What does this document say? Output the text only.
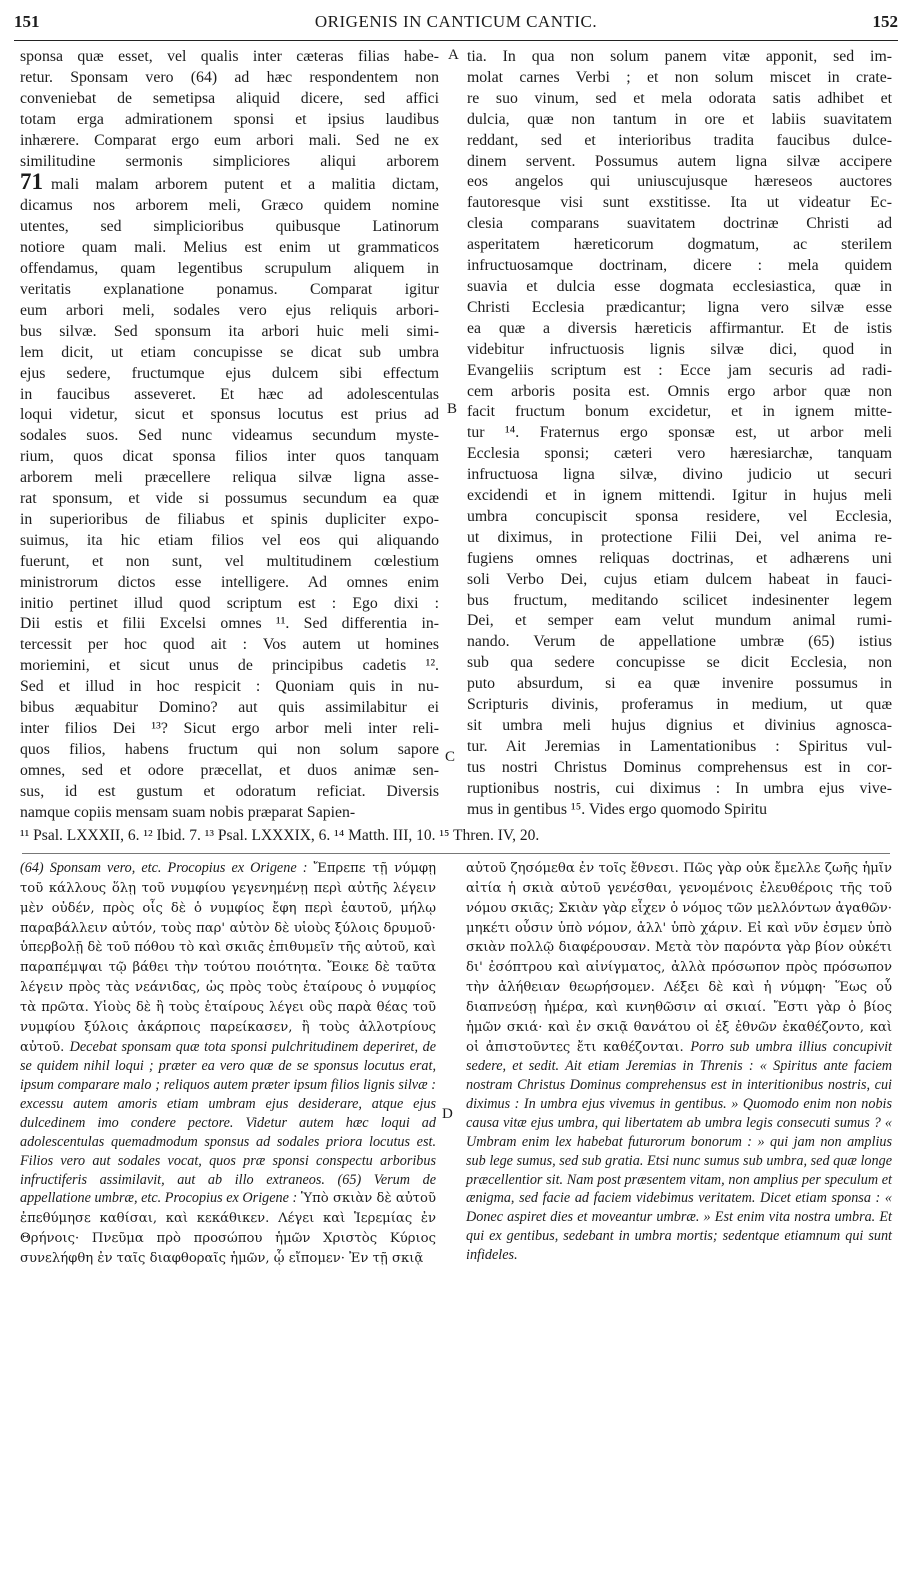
151	ORIGENIS IN CANTICUM CANTIC.	152
sponsa quæ esset, vel qualis inter cæteras filias habe-
retur. Sponsam vero (64) ad hæc respondentem non
conveniebat de semetipsa aliquid dicere, sed affici
totam erga admirationem sponsi et ipsius laudibus
inhærere. Comparat ergo eum arbori mali. Sed ne ex
similitudine sermonis simpliciores aliqui arborem
71 mali malam arborem putent et a malitia dictam,
dicamus nos arborem meli, Græco quidem nomine
utentes, sed simplicioribus quibusque Latinorum
notiore quam mali. Melius est enim ut grammaticos
offendamus, quam legentibus scrupulum aliquem in
veritatis explanatione ponamus. Comparat igitur
eum arbori meli, sodales vero ejus reliquis arbori-
bus silvæ. Sed sponsum ita arbori huic meli simi-
lem dicit, ut etiam concupisse se dicat sub umbra
ejus sedere, fructumque ejus dulcem sibi effectum
in faucibus asseveret. Et hæc ad adolescentulas
loqui videtur, sicut et sponsus locutus est prius ad
sodales suos. Sed nunc videamus secundum myste-
rium, quos dicat sponsa filios inter quos tanquam
arborem meli præcellere reliqua silvæ ligna asse-
rat sponsum, et vide si possumus secundum ea quæ
in superioribus de filiabus et spinis dupliciter expo-
suimus, ita hic etiam filios vel eos qui aliquando
fuerunt, et non sunt, vel multitudinem cœlestium
ministrorum dictos esse intelligere. Ad omnes enim
initio pertinet illud quod scriptum est : Ego dixi :
Dii estis et filii Excelsi omnes ¹¹. Sed differentia in-
tercessit per hoc quod ait : Vos autem ut homines
moriemini, et sicut unus de principibus cadetis ¹².
Sed et illud in hoc respicit : Quoniam quis in nu-
bibus æquabitur Domino? aut quis assimilabitur ei
inter filios Dei ¹³? Sicut ergo arbor meli inter reli-
quos filios, habens fructum qui non solum sapore
omnes, sed et odore præcellat, et duos animæ sen-
sus, id est gustum et odoratum reficiat. Diversis
namque copiis mensam suam nobis præparat Sapien-
tia. In qua non solum panem vitæ apponit, sed im-
molat carnes Verbi ; et non solum miscet in crate-
re suo vinum, sed et mela odorata satis adhibet et
dulcia, quæ non tantum in ore et labiis suavitatem
reddant, sed et interioribus tradita faucibus dulce-
dinem servent. Possumus autem ligna silvæ accipere
eos angelos qui uniuscujusque hæreseos auctores
fautoresque visi sunt exstitisse. Ita ut videatur Ec-
clesia comparans suavitatem doctrinæ Christi ad
asperitatem hæreticorum dogmatum, ac sterilem
infructuosamque doctrinam, dicere : mela quidem
suavia et dulcia esse dogmata ecclesiastica, quæ in
Christi Ecclesia prædicantur; ligna vero silvæ esse
ea quæ a diversis hæreticis affirmantur. Et de istis
videbitur infructuosis lignis silvæ dici, quod in
Evangeliis scriptum est : Ecce jam securis ad radi-
cem arboris posita est. Omnis ergo arbor quæ non
facit fructum bonum excidetur, et in ignem mitte-
tur ¹⁴. Fraternus ergo sponsæ est, ut arbor meli
Ecclesia sponsi; cæteri vero hæresiarchæ, tanquam
infructuosa ligna silvæ, divino judicio ut securi
excidendi et in ignem mittendi. Igitur in hujus meli
umbra concupiscit sponsa residere, vel Ecclesia,
ut diximus, in protectione Filii Dei, vel anima re-
fugiens omnes reliquas doctrinas, et adhærens uni
soli Verbo Dei, cujus etiam dulcem habeat in fauci-
bus fructum, meditando scilicet indesinenter legem
Dei, et semper eam velut mundum animal rumi-
nando. Verum de appellatione umbræ (65) istius
sub qua sedere concupisse se dicit Ecclesia, non
puto absurdum, si ea quæ invenire possumus in
Scripturis divinis, proferamus in medium, ut quæ
sit umbra meli hujus dignius et divinius agnosca-
tur. Ait Jeremias in Lamentationibus : Spiritus vul-
tus nostri Christus Dominus comprehensus est in cor-
ruptionibus nostris, cui diximus : In umbra ejus vive-
mus in gentibus ¹⁵. Vides ergo quomodo Spiritu
A
B
C
D
¹¹ Psal. LXXXII, 6. ¹² Ibid. 7. ¹³ Psal. LXXXIX, 6. ¹⁴ Matth. III, 10. ¹⁵ Thren. IV, 20.
(64) Sponsam vero, etc. Procopius ex Origene : Ἔπρεπε τῇ νύμφῃ τοῦ κάλλους ὅλῃ τοῦ νυμφίου γεγενημένῃ περὶ αὐτῆς λέγειν μὲν οὐδέν, πρὸς οἷς δὲ ὁ νυμφίος ἔφη περὶ ἑαυτοῦ, μήλῳ παραβάλλειν αὐτόν, τοὺς παρ' αὐτὸν δὲ υἱοὺς ξύλοις δρυμοῦ· ὑπερβολῇ δὲ τοῦ πόθου τὸ καὶ σκιᾶς ἐπιθυμεῖν τῆς αὐτοῦ, καὶ παραπέμψαι τῷ βάθει τὴν τούτου ποιότητα. Ἔοικε δὲ ταῦτα λέγειν πρὸς τὰς νεάνιδας, ὡς πρὸς τοὺς ἑταίρους ὁ νυμφίος τὰ πρῶτα. Υἱοὺς δὲ ἢ τοὺς ἑταίρους λέγει οὓς παρὰ θέας τοῦ νυμφίου ξύλοις ἀκάρποις παρείκασεν, ἢ τοὺς ἀλλοτρίους αὐτοῦ. Decebat sponsam quæ tota sponsi pulchritudinem deperiret, de se quidem nihil loqui ; præter ea vero quæ de se sponsus locutus erat, ipsum comparare malo ; reliquos autem præter ipsum filios lignis silvæ : excessu autem amoris etiam umbram ejus desiderare, atque ejus dulcedinem imo condere pectore. Videtur autem hæc loqui ad adolescentulas quemadmodum sponsus ad sodales priora locutus est. Filios vero aut sodales vocat, quos præ sponsi conspectu arboribus infructiferis assimilavit, aut ab illo extraneos. (65) Verum de appellatione umbræ, etc. Procopius ex Origene : Ὑπὸ σκιὰν δὲ αὐτοῦ ἐπεθύμησε καθίσαι, καὶ κεκάθικεν. Λέγει καὶ Ἱερεμίας ἐν Θρήνοις· Πνεῦμα πρὸ προσώπου ἡμῶν Χριστὸς Κύριος συνελήφθη ἐν ταῖς διαφθοραῖς ἡμῶν, ᾧ εἴπομεν· Ἐν τῇ σκιᾷ
αὐτοῦ ζησόμεθα ἐν τοῖς ἔθνεσι. Πῶς γὰρ οὐκ ἔμελλε ζωῆς ἡμῖν αἰτία ἡ σκιὰ αὐτοῦ γενέσθαι, γενομένοις ἐλευθέροις τῆς τοῦ νόμου σκιᾶς; Σκιὰν γὰρ εἶχεν ὁ νόμος τῶν μελλόντων ἀγαθῶν· μηκέτι οὖσιν ὑπὸ νόμον, ἀλλ' ὑπὸ χάριν. Εἰ καὶ νῦν ἐσμεν ὑπὸ σκιὰν πολλῷ διαφέρουσαν. Μετὰ τὸν παρόντα γὰρ βίον οὐκέτι δι' ἐσόπτρου καὶ αἰνίγματος, ἀλλὰ πρόσωπον πρὸς πρόσωπον τὴν ἀλήθειαν θεωρήσομεν. Λέξει δὲ καὶ ἡ νύμφη· Ἕως οὗ διαπνεύσῃ ἡμέρα, καὶ κινηθῶσιν αἱ σκιαί. Ἔστι γὰρ ὁ βίος ἡμῶν σκιά· καὶ ἐν σκιᾷ θανάτου οἱ ἐξ ἐθνῶν ἐκαθέζοντο, καὶ οἱ ἀπιστοῦντες ἔτι καθέζονται. Porro sub umbra illius concupivit sedere, et sedit. Ait etiam Jeremias in Threnis : « Spiritus ante faciem nostram Christus Dominus comprehensus est in interitionibus nostris, cui diximus : In umbra ejus vivemus in gentibus. » Quomodo enim non nobis causa vitæ ejus umbra, qui libertatem ab umbra legis consecuti sumus ? « Umbram enim lex habebat futurorum bonorum : » qui jam non amplius sub lege sumus, sed sub gratia. Etsi nunc sumus sub umbra, sed quæ longe præcellentior sit. Nam post præsentem vitam, non amplius per speculum et ænigma, sed facie ad faciem videbimus veritatem. Dicet etiam sponsa : « Donec aspiret dies et moveantur umbræ. » Est enim vita nostra umbra. Et qui ex gentibus, sedebant in umbra mortis; sedentque etiamnum qui sunt infideles.
